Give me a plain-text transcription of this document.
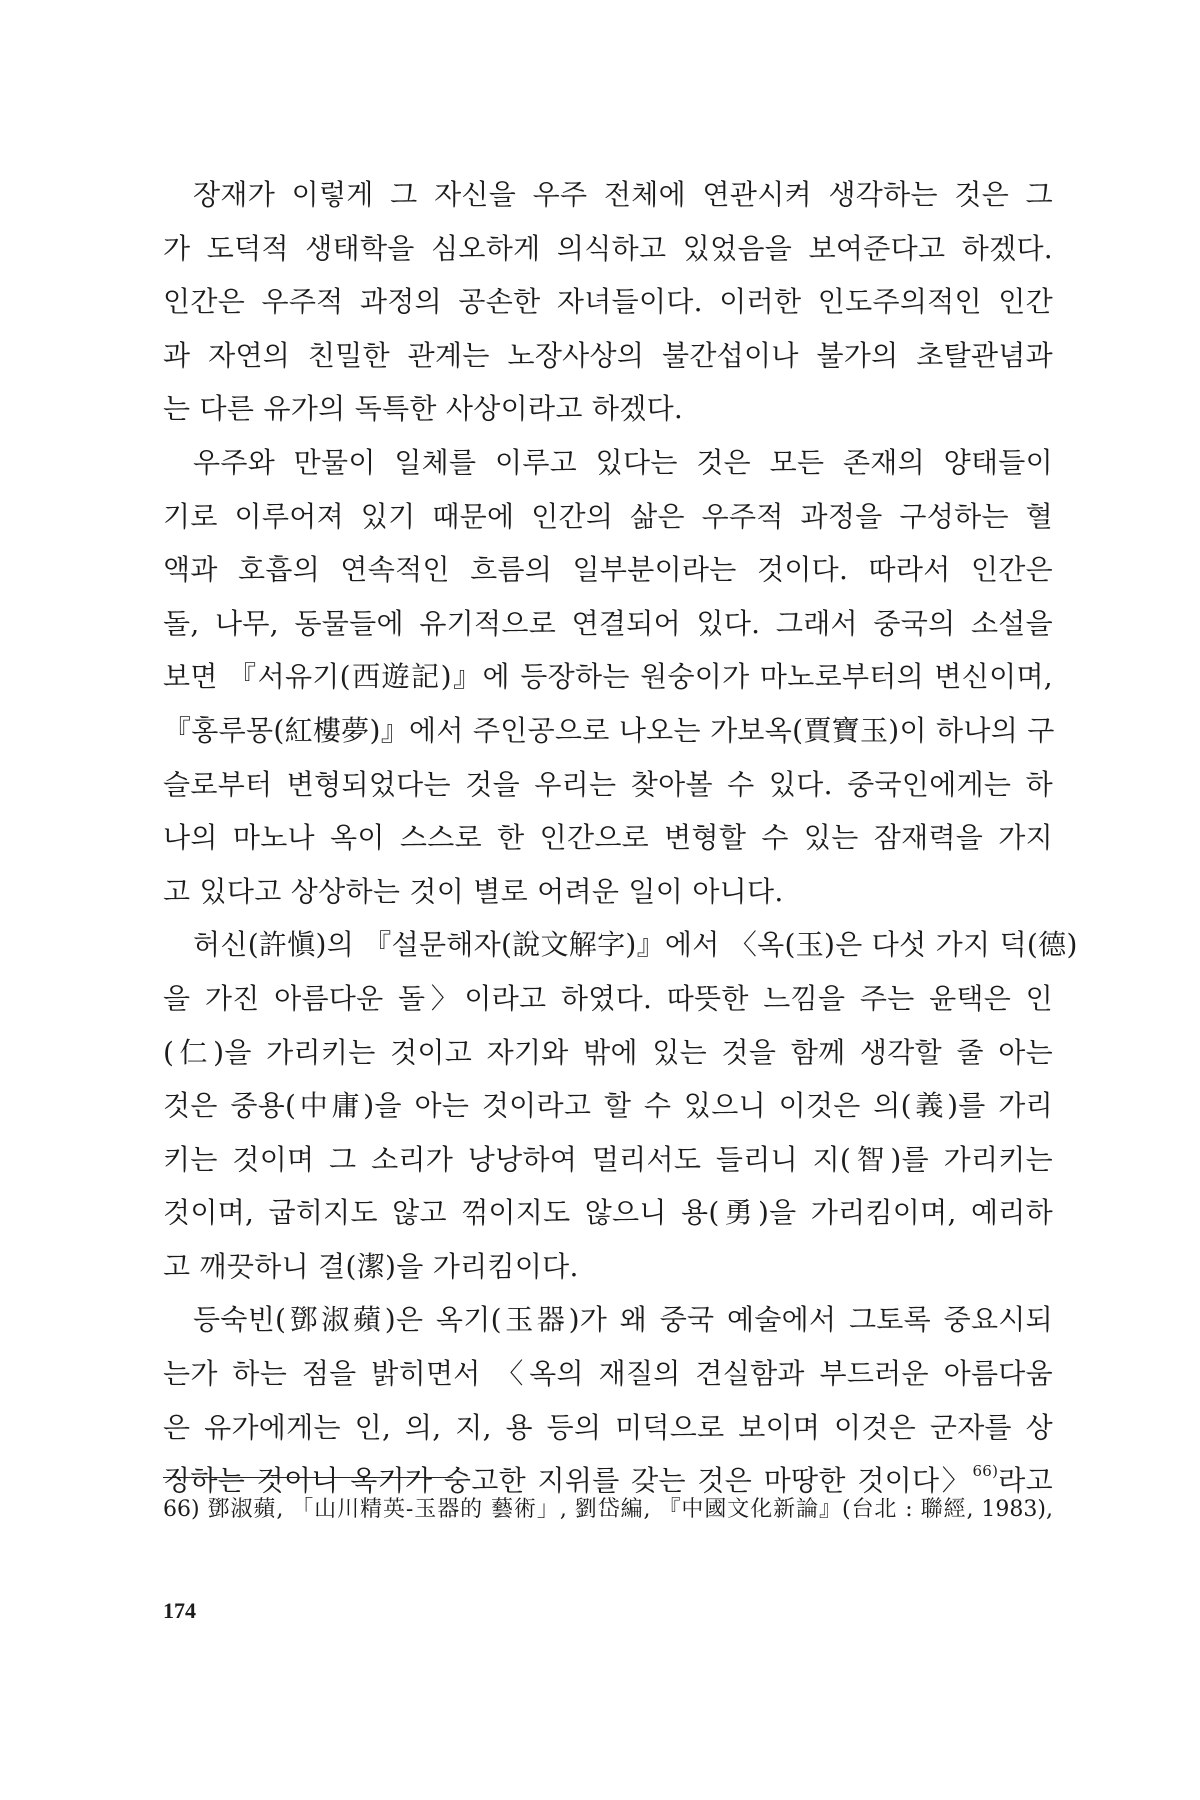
장재가 이렇게 그 자신을 우주 전체에 연관시켜 생각하는 것은 그
가 도덕적 생태학을 심오하게 의식하고 있었음을 보여준다고 하겠다.
인간은 우주적 과정의 공손한 자녀들이다. 이러한 인도주의적인 인간
과 자연의 친밀한 관계는 노장사상의 불간섭이나 불가의 초탈관념과
는 다른 유가의 독특한 사상이라고 하겠다.

우주와 만물이 일체를 이루고 있다는 것은 모든 존재의 양태들이
기로 이루어져 있기 때문에 인간의 삶은 우주적 과정을 구성하는 혈
액과 호흡의 연속적인 흐름의 일부분이라는 것이다. 따라서 인간은
돌, 나무, 동물들에 유기적으로 연결되어 있다. 그래서 중국의 소설을
보면 『서유기(西遊記)』에 등장하는 원숭이가 마노로부터의 변신이며,
『홍루몽(紅樓夢)』에서 주인공으로 나오는 가보옥(賈寶玉)이 하나의 구
슬로부터 변형되었다는 것을 우리는 찾아볼 수 있다. 중국인에게는 하
나의 마노나 옥이 스스로 한 인간으로 변형할 수 있는 잠재력을 가지
고 있다고 상상하는 것이 별로 어려운 일이 아니다.

허신(許愼)의 『설문해자(說文解字)』에서 〈옥(玉)은 다섯 가지 덕(德)
을 가진 아름다운 돌〉이라고 하였다. 따뜻한 느낌을 주는 윤택은 인
(仁)을 가리키는 것이고 자기와 밖에 있는 것을 함께 생각할 줄 아는
것은 중용(中庸)을 아는 것이라고 할 수 있으니 이것은 의(義)를 가리
키는 것이며 그 소리가 낭낭하여 멀리서도 들리니 지(智)를 가리키는
것이며, 굽히지도 않고 꺾이지도 않으니 용(勇)을 가리킴이며, 예리하
고 깨끗하니 결(潔)을 가리킴이다.

등숙빈(鄧淑蘋)은 옥기(玉器)가 왜 중국 예술에서 그토록 중요시되
는가 하는 점을 밝히면서 〈옥의 재질의 견실함과 부드러운 아름다움
은 유가에게는 인, 의, 지, 용 등의 미덕으로 보이며 이것은 군자를 상
징하는 것이니 옥기가 숭고한 지위를 갖는 것은 마땅한 것이다〉$^{66)}$라고

66) 鄧淑蘋, 「山川精英-玉器的 藝術」, 劉岱編, 『中國文化新論』(台北 : 聯經, 1983),
174
